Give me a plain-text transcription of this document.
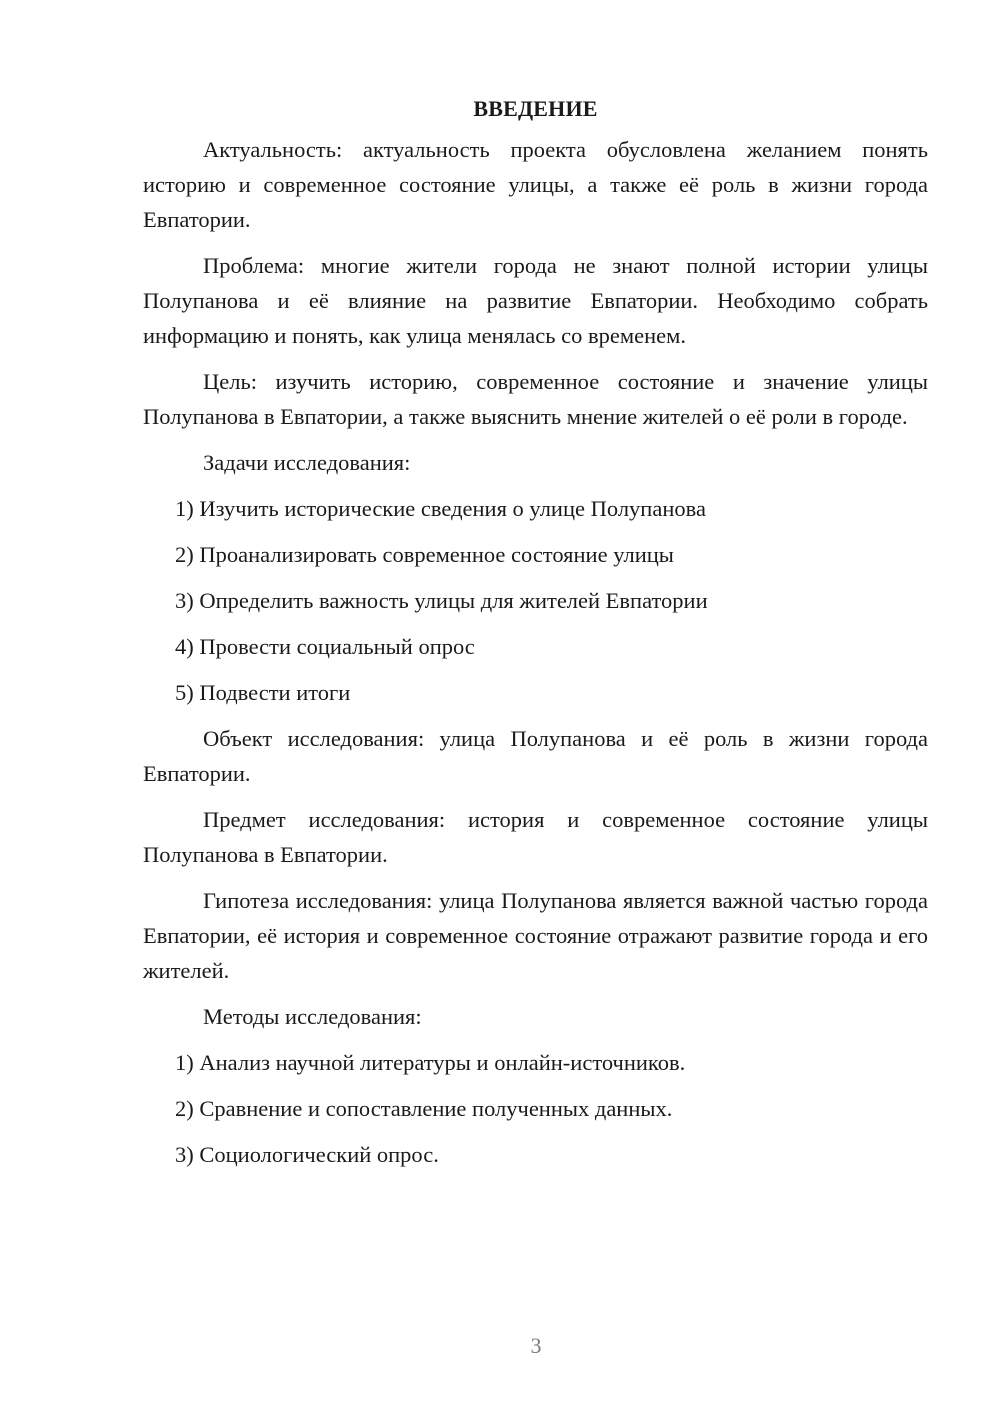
ВВЕДЕНИЕ

Актуальность: актуальность проекта обусловлена желанием понять историю и современное состояние улицы, а также её роль в жизни города Евпатории.

Проблема: многие жители города не знают полной истории улицы Полупанова и её влияние на развитие Евпатории. Необходимо собрать информацию и понять, как улица менялась со временем.

Цель: изучить историю, современное состояние и значение улицы Полупанова в Евпатории, а также выяснить мнение жителей о её роли в городе.

Задачи исследования:

1) Изучить исторические сведения о улице Полупанова
2) Проанализировать современное состояние улицы
3) Определить важность улицы для жителей Евпатории
4) Провести социальный опрос
5) Подвести итоги

Объект исследования: улица Полупанова и её роль в жизни города Евпатории.

Предмет исследования: история и современное состояние улицы Полупанова в Евпатории.

Гипотеза исследования: улица Полупанова является важной частью города Евпатории, её история и современное состояние отражают развитие города и его жителей.

Методы исследования:

1) Анализ научной литературы и онлайн-источников.
2) Сравнение и сопоставление полученных данных.
3) Социологический опрос.
3
